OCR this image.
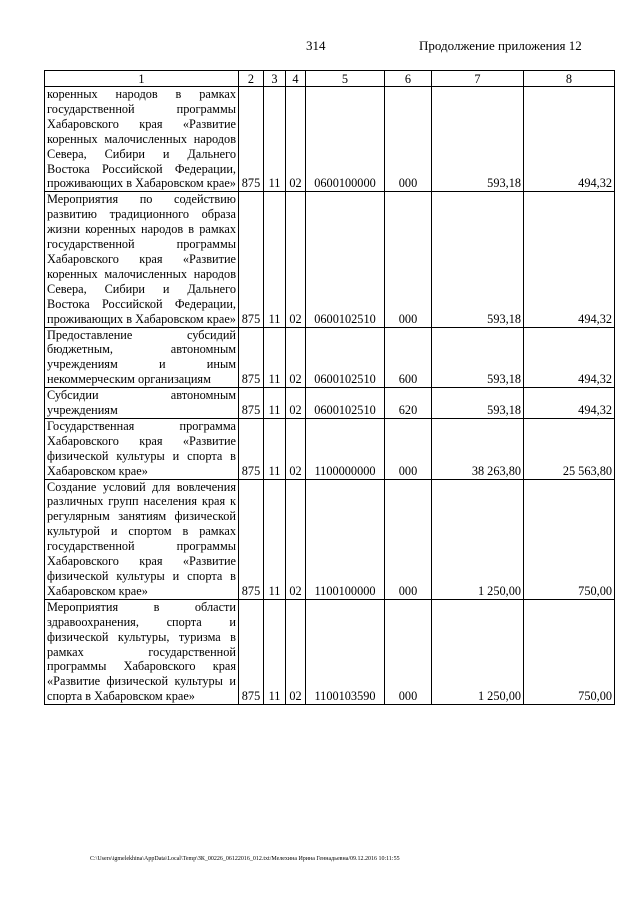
314	Продолжение приложения 12
1	2	3	4	5	6	7	8
коренных народов в рамках государственной программы Хабаровского края «Развитие коренных малочисленных народов Севера, Сибири и Дальнего Востока Российской Федерации, проживающих в Хабаровском крае»	875	11	02	0600100000	000	593,18	494,32
Мероприятия по содействию развитию традиционного образа жизни коренных народов в рамках государственной программы Хабаровского края «Развитие коренных малочисленных народов Севера, Сибири и Дальнего Востока Российской Федерации, проживающих в Хабаровском крае»	875	11	02	0600102510	000	593,18	494,32
Предоставление субсидий бюджетным, автономным учреждениям и иным некоммерческим организациям	875	11	02	0600102510	600	593,18	494,32
Субсидии автономным учреждениям	875	11	02	0600102510	620	593,18	494,32
Государственная программа Хабаровского края «Развитие физической культуры и спорта в Хабаровском крае»	875	11	02	1100000000	000	38 263,80	25 563,80
Создание условий для вовлечения различных групп населения края к регулярным занятиям физической культурой и спортом в рамках государственной программы Хабаровского края «Развитие физической культуры и спорта в Хабаровском крае»	875	11	02	1100100000	000	1 250,00	750,00
Мероприятия в области здравоохранения, спорта и физической культуры, туризма в рамках государственной программы Хабаровского края «Развитие физической культуры и спорта в Хабаровском крае»	875	11	02	1100103590	000	1 250,00	750,00
C:\Users\igmelekhina\AppData\Local\Temp\ЗК_00226_06122016_012.txt/Мелехина Ирина Геннадьевна/09.12.2016 10:11:55
